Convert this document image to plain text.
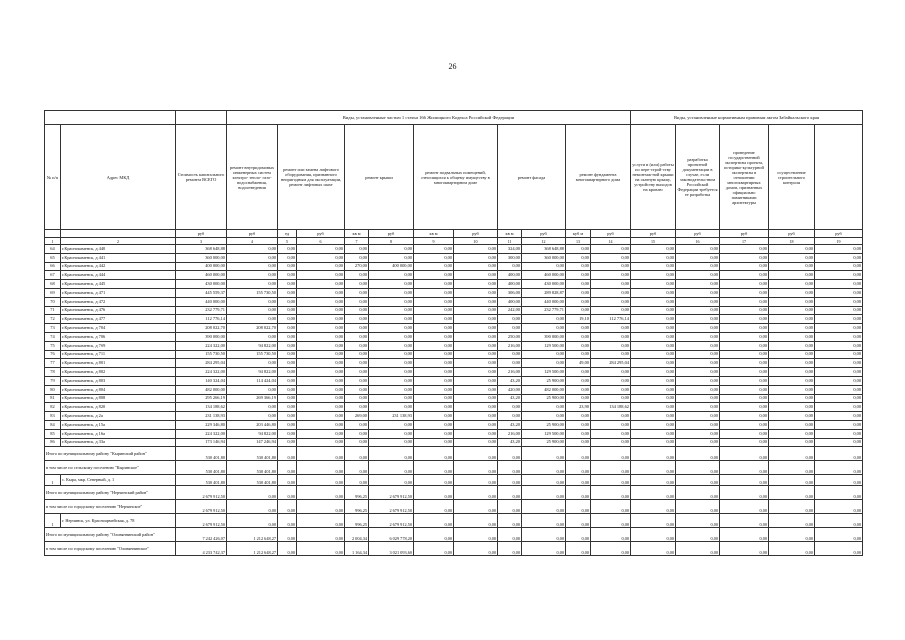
26
			Виды, установленные частью 1 статьи 166 Жилищного Кодекса Российской Федерации											Виды, установленные нормативным правовым актом Забайкальского края				
№ п/п	Адрес МКД	Стоимость капитального ремонта ВСЕГО	ремонт внутридомовых инженерных систем электро- тепло- газо- водоснабжения, водоотведения	ремонт или замена лифтового оборудования, признанного непригодным для эксплуатации, ремонт лифтовых шахт		ремонт крыши		ремонт подвальных помещений, относящихся к общему имуществу в многоквартирном доме		ремонт фасада		ремонт фундамента многоквартирного дома		услуги и (или) работы по пере-строй-ству немонтаж-ной крыши на скатную крышу, устройству выходов на кровлю	разработка проектной документации в случае, если законодательством Российской Федерации требуется ее разработка	проведение государственной экспертизы проекта, историко-культурной экспертизы в отношении многоквартирных домов, признанных официально памятниками архитектуры	осуществление строительного контроля	
		руб	руб	ед	руб	кв м	руб	кв м	руб	кв м	руб	куб м	руб	руб	руб	руб	руб	руб
1	2	3	4	5	6	7	8	9	10	11	12	13	14	15	16	17	18	19
64	г.Краснокаменск, д 440	368 648,88	0,00	0,00	0,00	0,00	0,00	0,00	0,00	324,00	368 648,88	0,00	0,00	0,00	0,00	0,00	0,00	0,00
65	г.Краснокаменск, д 441	360 000,00	0,00	0,00	0,00	0,00	0,00	0,00	0,00	300,00	360 000,00	0,00	0,00	0,00	0,00	0,00	0,00	0,00
66	г.Краснокаменск, д 442	400 000,00	0,00	0,00	0,00	270,00	400 000,00	0,00	0,00	0,00	0,00	0,00	0,00	0,00	0,00	0,00	0,00	0,00
67	г.Краснокаменск, д 444	460 000,00	0,00	0,00	0,00	0,00	0,00	0,00	0,00	400,00	460 000,00	0,00	0,00	0,00	0,00	0,00	0,00	0,00
68	г.Краснокаменск, д 445	430 000,00	0,00	0,00	0,00	0,00	0,00	0,00	0,00	400,00	430 000,00	0,00	0,00	0,00	0,00	0,00	0,00	0,00
69	г.Краснокаменск, д 471	445 559,37	155 730,50	0,00	0,00	0,00	0,00	0,00	0,00	306,00	289 828,87	0,00	0,00	0,00	0,00	0,00	0,00	0,00
70	г.Краснокаменск, д 472	440 000,00	0,00	0,00	0,00	0,00	0,00	0,00	0,00	400,00	440 000,00	0,00	0,00	0,00	0,00	0,00	0,00	0,00
71	г.Краснокаменск, д 476	232 779,71	0,00	0,00	0,00	0,00	0,00	0,00	0,00	242,00	232 779,71	0,00	0,00	0,00	0,00	0,00	0,00	0,00
72	г.Краснокаменск, д 477	112 776,14	0,00	0,00	0,00	0,00	0,00	0,00	0,00	0,00	0,00	19,10	112 776,14	0,00	0,00	0,00	0,00	0,00
73	г.Краснокаменск, д 704	208 022,70	208 022,70	0,00	0,00	0,00	0,00	0,00	0,00	0,00	0,00	0,00	0,00	0,00	0,00	0,00	0,00	0,00
74	г.Краснокаменск, д 706	390 000,00	0,00	0,00	0,00	0,00	0,00	0,00	0,00	250,00	390 000,00	0,00	0,00	0,00	0,00	0,00	0,00	0,00
75	г.Краснокаменск, д 7б9	224 322,00	94 822,00	0,00	0,00	0,00	0,00	0,00	0,00	216,00	129 500,00	0,00	0,00	0,00	0,00	0,00	0,00	0,00
76	г.Краснокаменск, д 711	155 730,50	155 730,50	0,00	0,00	0,00	0,00	0,00	0,00	0,00	0,00	0,00	0,00	0,00	0,00	0,00	0,00	0,00
77	г.Краснокаменск, д 801	284 295,04	0,00	0,00	0,00	0,00	0,00	0,00	0,00	0,00	0,00	49,00	284 295,04	0,00	0,00	0,00	0,00	0,00
78	г.Краснокаменск, д 802	224 322,00	94 822,00	0,00	0,00	0,00	0,00	0,00	0,00	216,00	129 500,00	0,00	0,00	0,00	0,00	0,00	0,00	0,00
79	г.Краснокаменск, д 803	140 324,04	114 424,04	0,00	0,00	0,00	0,00	0,00	0,00	43,20	25 900,00	0,00	0,00	0,00	0,00	0,00	0,00	0,00
80	г.Краснокаменск, д 804	482 000,00	0,00	0,00	0,00	0,00	0,00	0,00	0,00	420,00	482 000,00	0,00	0,00	0,00	0,00	0,00	0,00	0,00
81	г.Краснокаменск, д 808	295 266,19	269 366,19	0,00	0,00	0,00	0,00	0,00	0,00	43,20	25 900,00	0,00	0,00	0,00	0,00	0,00	0,00	0,00
82	г.Краснокаменск, д 820	134 188,62	0,00	0,00	0,00	0,00	0,00	0,00	0,00	0,00	0,00	23,90	134 188,62	0,00	0,00	0,00	0,00	0,00
83	г.Краснокаменск, д 2а	231 138,93	0,00	0,00	0,00	269,00	231 138,93	0,00	0,00	0,00	0,00	0,00	0,00	0,00	0,00	0,00	0,00	0,00
84	г.Краснокаменск, д 15а	229 346,80	203 446,80	0,00	0,00	0,00	0,00	0,00	0,00	43,20	25 900,00	0,00	0,00	0,00	0,00	0,00	0,00	0,00
85	г.Краснокаменск, д 16а	224 322,00	94 822,00	0,00	0,00	0,00	0,00	0,00	0,00	216,00	129 500,00	0,00	0,00	0,00	0,00	0,00	0,00	0,00
86	г.Краснокаменск, д 33а	173 146,94	147 246,94	0,00	0,00	0,00	0,00	0,00	0,00	43,20	25 900,00	0,00	0,00	0,00	0,00	0,00	0,00	0,00
Итого по муниципальному району "Кыринский район"		530 401,80	530 401,80	0,00	0,00	0,00	0,00	0,00	0,00	0,00	0,00	0,00	0,00	0,00	0,00	0,00	0,00	0,00
в том числе по сельскому поселению "Кыринское"		530 401,80	530 401,80	0,00	0,00	0,00	0,00	0,00	0,00	0,00	0,00	0,00	0,00	0,00	0,00	0,00	0,00	0,00
1	с. Кыра, мкр. Северный, д. 1	530 401,80	530 401,80	0,00	0,00	0,00	0,00	0,00	0,00	0,00	0,00	0,00	0,00	0,00	0,00	0,00	0,00	0,00
Итого по муниципальному району "Нерчинский район"		2 679 912,50	0,00	0,00	0,00	996,25	2 679 912,50	0,00	0,00	0,00	0,00	0,00	0,00	0,00	0,00	0,00	0,00	0,00
в том числе по городскому поселению "Нерчинское"		2 679 912,50	0,00	0,00	0,00	996,25	2 679 912,50	0,00	0,00	0,00	0,00	0,00	0,00	0,00	0,00	0,00	0,00	0,00
1	г. Нерчинск, ул. Красноармейская, д. 78	2 679 912,50	0,00	0,00	0,00	996,25	2 679 912,50	0,00	0,00	0,00	0,00	0,00	0,00	0,00	0,00	0,00	0,00	0,00
Итого по муниципальному району "Оловяннинский район"		7 242 426,07	1 212 648,27	0,00	0,00	2 004,34	6 029 778,20	0,00	0,00	0,00	0,00	0,00	0,00	0,00	0,00	0,00	0,00	0,00
в том числе по городскому поселению "Оловяннинское"		4 233 742,37	1 212 648,27	0,00	0,00	1 164,34	3 021 093,60	0,00	0,00	0,00	0,00	0,00	0,00	0,00	0,00	0,00	0,00	0,00
